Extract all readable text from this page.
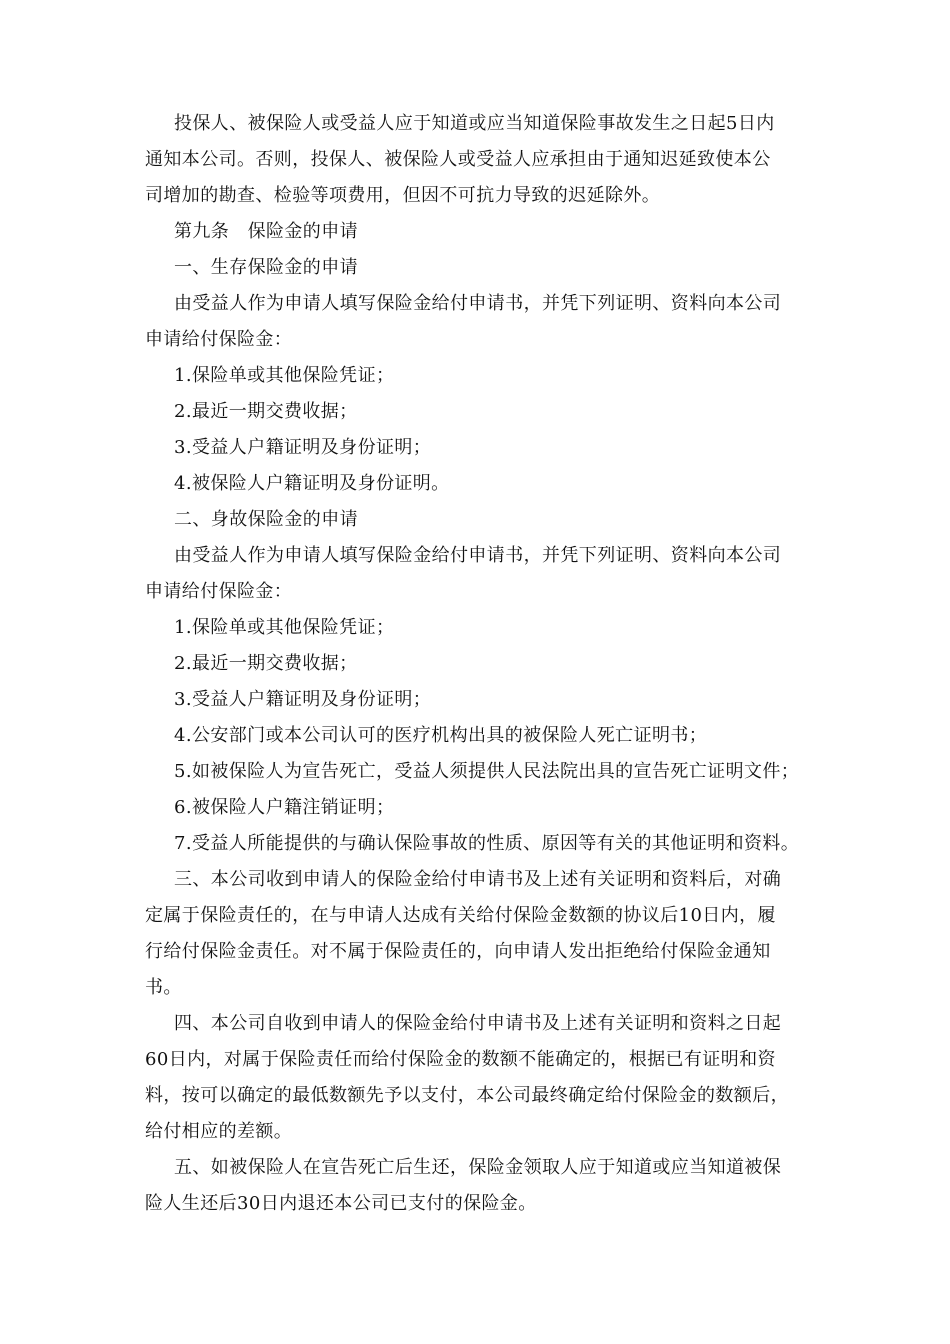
投保人、被保险人或受益人应于知道或应当知道保险事故发生之日起5日内
通知本公司。否则，投保人、被保险人或受益人应承担由于通知迟延致使本公
司增加的勘查、检验等项费用，但因不可抗力导致的迟延除外。
第九条　保险金的申请
一、生存保险金的申请
由受益人作为申请人填写保险金给付申请书，并凭下列证明、资料向本公司
申请给付保险金：
1.保险单或其他保险凭证；
2.最近一期交费收据；
3.受益人户籍证明及身份证明；
4.被保险人户籍证明及身份证明。
二、身故保险金的申请
由受益人作为申请人填写保险金给付申请书，并凭下列证明、资料向本公司
申请给付保险金：
1.保险单或其他保险凭证；
2.最近一期交费收据；
3.受益人户籍证明及身份证明；
4.公安部门或本公司认可的医疗机构出具的被保险人死亡证明书；
5.如被保险人为宣告死亡，受益人须提供人民法院出具的宣告死亡证明文件；
6.被保险人户籍注销证明；
7.受益人所能提供的与确认保险事故的性质、原因等有关的其他证明和资料。
三、本公司收到申请人的保险金给付申请书及上述有关证明和资料后，对确
定属于保险责任的，在与申请人达成有关给付保险金数额的协议后10日内，履
行给付保险金责任。对不属于保险责任的，向申请人发出拒绝给付保险金通知
书。
四、本公司自收到申请人的保险金给付申请书及上述有关证明和资料之日起
60日内，对属于保险责任而给付保险金的数额不能确定的，根据已有证明和资
料，按可以确定的最低数额先予以支付，本公司最终确定给付保险金的数额后，
给付相应的差额。
五、如被保险人在宣告死亡后生还，保险金领取人应于知道或应当知道被保
险人生还后30日内退还本公司已支付的保险金。
